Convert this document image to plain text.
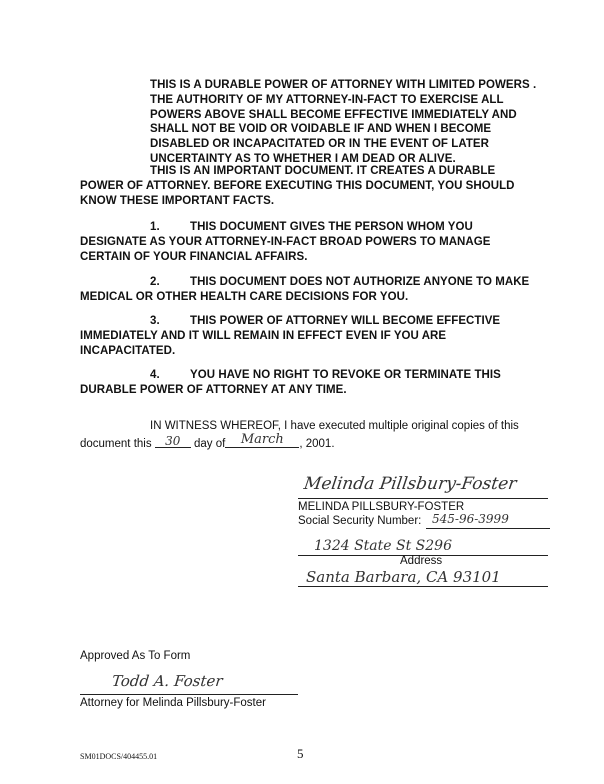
THIS IS A DURABLE POWER OF ATTORNEY WITH LIMITED POWERS . THE AUTHORITY OF MY ATTORNEY-IN-FACT TO EXERCISE ALL POWERS ABOVE SHALL BECOME EFFECTIVE IMMEDIATELY AND SHALL NOT BE VOID OR VOIDABLE IF AND WHEN I BECOME DISABLED OR INCAPACITATED OR IN THE EVENT OF LATER UNCERTAINTY AS TO WHETHER I AM DEAD OR ALIVE.
THIS IS AN IMPORTANT DOCUMENT. IT CREATES A DURABLE POWER OF ATTORNEY. BEFORE EXECUTING THIS DOCUMENT, YOU SHOULD KNOW THESE IMPORTANT FACTS.
1.	THIS DOCUMENT GIVES THE PERSON WHOM YOU DESIGNATE AS YOUR ATTORNEY-IN-FACT BROAD POWERS TO MANAGE CERTAIN OF YOUR FINANCIAL AFFAIRS.
2.	THIS DOCUMENT DOES NOT AUTHORIZE ANYONE TO MAKE MEDICAL OR OTHER HEALTH CARE DECISIONS FOR YOU.
3.	THIS POWER OF ATTORNEY WILL BECOME EFFECTIVE IMMEDIATELY AND IT WILL REMAIN IN EFFECT EVEN IF YOU ARE INCAPACITATED.
4.	YOU HAVE NO RIGHT TO REVOKE OR TERMINATE THIS DURABLE POWER OF ATTORNEY AT ANY TIME.
IN WITNESS WHEREOF, I have executed multiple original copies of this
document this 30 day of March , 2001.
Melinda Pillsbury-Foster
MELINDA PILLSBURY-FOSTER
Social Security Number: 545-96-3999
1324 State St S296
Address
Santa Barbara, CA 93101
Approved As To Form
Todd A. Foster
Attorney for Melinda Pillsbury-Foster
SM01DOCS/404455.01	5
